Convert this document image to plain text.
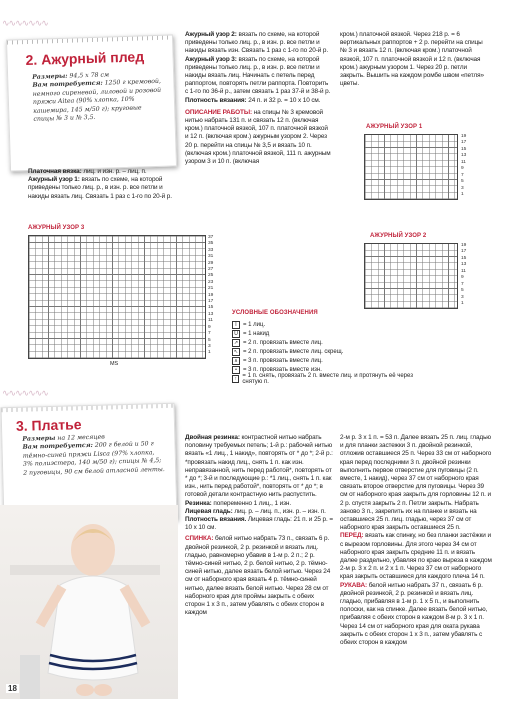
∿∿∿∿∿∿∿
∿∿∿∿∿∿∿
2. Ажурный плед
Размеры: 94,5 х 78 см
Вам потребуется: 1250 г кремовой, немного сиреневой, лиловой и розовой пряжи Aitea (90% хлопка, 10% кашемира, 145 м/50 г); круговые спицы № 3 и № 3,5.
Платочная вязка: лиц. и изн. р. – лиц. п.
Ажурный узор 1: вязать по схеме, на которой приведены только лиц. р., в изн. р. все петли и накиды вязать лиц. Связать 1 раз с 1-го по 20-й р.
Ажурный узор 2: вязать по схеме, на которой приведены только лиц. р., в изн. р. все петли и накиды вязать изн. Связать 1 раз с 1-го по 20-й р.
Ажурный узор 3: вязать по схеме, на которой приведены только лиц. р., в изн. р. все петли и накиды вязать лиц. Начинать с петель перед раппортом, повторять петли раппорта. Повторить с 1-го по 36-й р., затем связать 1 раз 37-й и 38-й р.
Плотность вязания: 24 п. и 32 р. = 10 х 10 см.
ОПИСАНИЕ РАБОТЫ: на спицы № 3 кремовой нитью набрать 131 п. и связать 12 п. (включая кром.) платочной вязкой, 107 п. платочной вязкой и 12 п. (включая кром.) ажурным узором 2. Через 20 р. перейти на спицы № 3,5 и вязать 10 п. (включая кром.) платочной вязкой, 111 п. ажурным узором 3 и 10 п. (включая
кром.) платочной вязкой. Через 218 р. = 6 вертикальных раппортов + 2 р. перейти на спицы № 3 и вязать 12 п. (включая кром.) платочной вязкой, 107 п. платочной вязкой и 12 п. (включая кром.) ажурным узором 1. Через 20 р. петли закрыть. Вышить на каждом ромбе швом «петля» цветы.
АЖУРНЫЙ УЗОР 1
19
17
15
13
11
9
7
5
3
1
АЖУРНЫЙ УЗОР 2
19
17
15
13
11
9
7
5
3
1
АЖУРНЫЙ УЗОР 3
37
35
33
31
29
27
25
23
21
19
17
15
13
11
9
7
5
3
1
MS
УСЛОВНЫЕ ОБОЗНАЧЕНИЯ
I	= 1 лиц.
U = 1 накид
↗ = 2 п. провязать вместе лиц.
↖ = 2 п. провязать вместе лиц. скрещ.
∧ = 3 п. провязать вместе лиц.
•	= 3 п. провязать вместе изн.
↑ = 1 п. снять, провязать 2 п. вместе лиц. и протянуть её через снятую п.
3. Платье
Размеры на 12 месяцев
Вам потребуется: 200 г белой и 50 г тёмно-синей пряжи Lisca (97% хлопка, 3% полиэстера, 140 м/50 г); спицы № 4,5; 2 пуговицы, 90 см белой атласной ленты.
Двойная резинка: контрастной нитью набрать половину требуемых петель; 1-й р.: рабочей нитью вязать «1 лиц., 1 накид», повторять от * до *; 2-й р.: *провязать накид лиц., снять 1 п. как изн. неправязанной, нить перед работой*, повторять от * до *; 3-й и последующие р.: *1 лиц., снять 1 п. как изн., нить перед работой*, повторять от * до *; в готовой детали контрастную нить распустить.
Резинка: попеременно 1 лиц., 1 изн.
Лицевая гладь: лиц. р. – лиц. п., изн. р. – изн. п.
Плотность вязания. Лицевая гладь: 21 п. и 25 р. = 10 х 10 см.
СПИНКА: белой нитью набрать 73 п., связать 6 р. двойной резинкой, 2 р. резинкой и вязать лиц. гладью, равномерно убавив в 1-м р. 2 п.; 2 р. тёмно-синей нитью, 2 р. белой нитью, 2 р. тёмно-синей нитью, далее вязать белой нитью. Через 24 см от наборного края вязать 4 р. тёмно-синей нитью, далее вязать белой нитью. Через 28 см от наборного края для проймы закрыть с обеих сторон 1 х 3 п., затем убавлять с обеих сторон в каждом
2-м р. 3 х 1 п. = 53 п. Далее вязать 25 п. лиц. гладью и для планки застежки 3 п. двойной резинкой, отложив оставшиеся 25 п. Через 33 см от наборного края перед последними 3 п. двойной резинки выполнить первое отверстие для пуговицы (2 п. вместе, 1 накид), через 37 см от наборного края связать второе отверстие для пуговицы. Через 39 см от наборного края закрыть для горловины 12 п. и 2 р. спустя закрыть 2 п. Петли закрыть. Набрать заново 3 п., закрепить их на планке и вязать на оставшиеся 25 п. лиц. гладью, через 37 см от наборного края закрыть оставшиеся 25 п.
ПЕРЕД: вязать как спинку, но без планки застёжки и с вырезом горловины. Для этого через 34 см от наборного края закрыть средние 11 п. и вязать далее раздельно, убавляя по краю выреза в каждом 2-м р. 3 х 2 п. и 2 х 1 п. Через 37 см от наборного края закрыть оставшиеся для каждого плеча 14 п.
РУКАВА: белой нитью набрать 37 п., связать 6 р. двойной резинкой, 2 р. резинкой и вязать лиц. гладью, прибавляя в 1-м р. 1 х 5 п., и выполнить полоски, как на спинке. Далее вязать белой нитью, прибавляя с обеих сторон в каждом 8-м р. 3 х 1 п. Через 14 см от наборного края для оката рукава закрыть с обеих сторон 1 х 3 п., затем убавлять с обеих сторон в каждом
18
